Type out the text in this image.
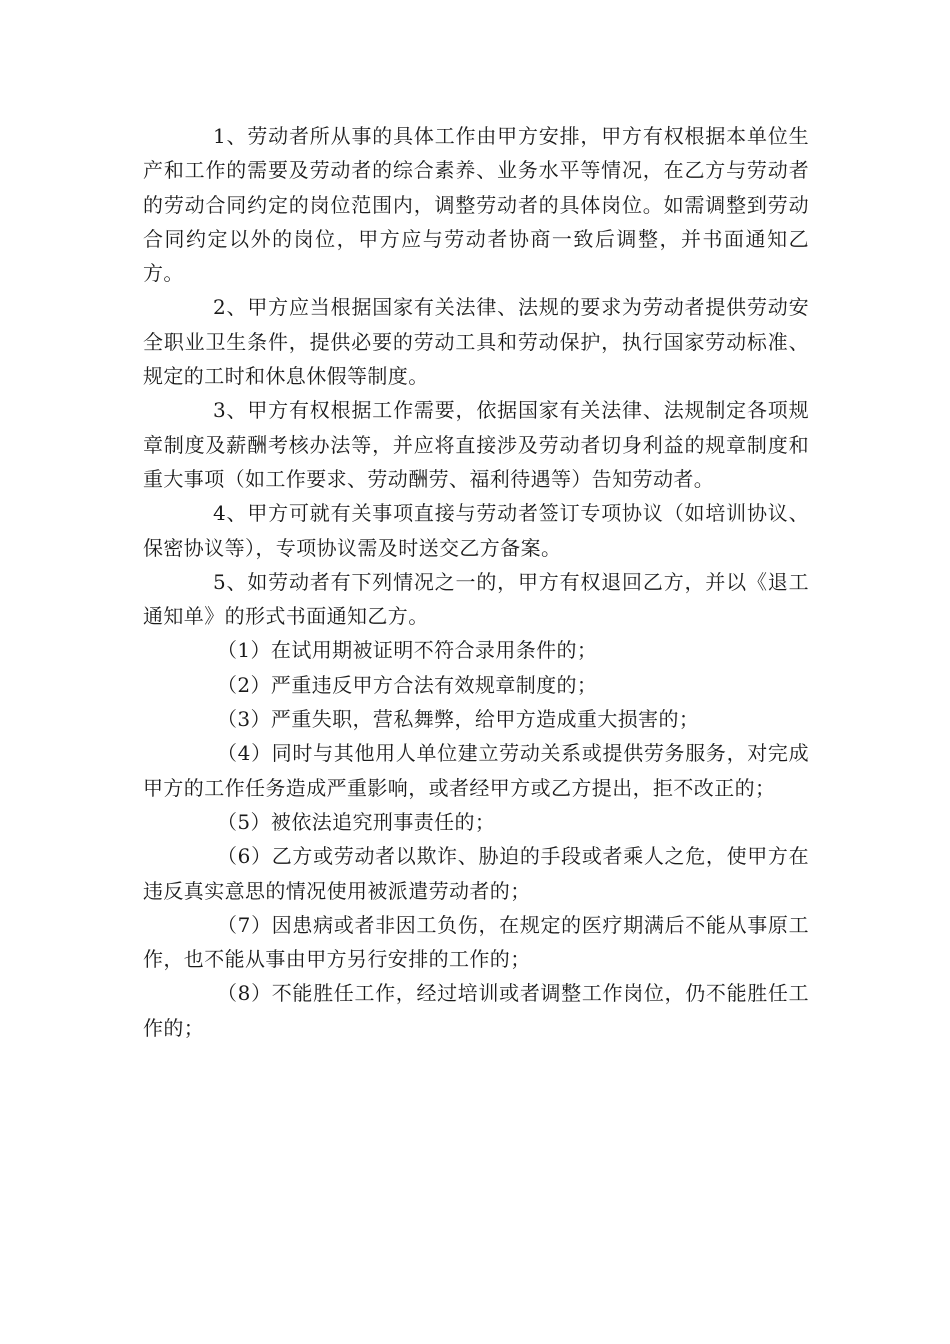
1、劳动者所从事的具体工作由甲方安排，甲方有权根据本单位生产和工作的需要及劳动者的综合素养、业务水平等情况，在乙方与劳动者的劳动合同约定的岗位范围内，调整劳动者的具体岗位。如需调整到劳动合同约定以外的岗位，甲方应与劳动者协商一致后调整，并书面通知乙方。

2、甲方应当根据国家有关法律、法规的要求为劳动者提供劳动安全职业卫生条件，提供必要的劳动工具和劳动保护，执行国家劳动标准、规定的工时和休息休假等制度。

3、甲方有权根据工作需要，依据国家有关法律、法规制定各项规章制度及薪酬考核办法等，并应将直接涉及劳动者切身利益的规章制度和重大事项（如工作要求、劳动酬劳、福利待遇等）告知劳动者。

4、甲方可就有关事项直接与劳动者签订专项协议（如培训协议、保密协议等），专项协议需及时送交乙方备案。

5、如劳动者有下列情况之一的，甲方有权退回乙方，并以《退工通知单》的形式书面通知乙方。

（1）在试用期被证明不符合录用条件的；

（2）严重违反甲方合法有效规章制度的；

（3）严重失职，营私舞弊，给甲方造成重大损害的；

（4）同时与其他用人单位建立劳动关系或提供劳务服务，对完成甲方的工作任务造成严重影响，或者经甲方或乙方提出，拒不改正的；

（5）被依法追究刑事责任的；

（6）乙方或劳动者以欺诈、胁迫的手段或者乘人之危，使甲方在违反真实意思的情况使用被派遣劳动者的；

（7）因患病或者非因工负伤，在规定的医疗期满后不能从事原工作，也不能从事由甲方另行安排的工作的；

（8）不能胜任工作，经过培训或者调整工作岗位，仍不能胜任工作的；
